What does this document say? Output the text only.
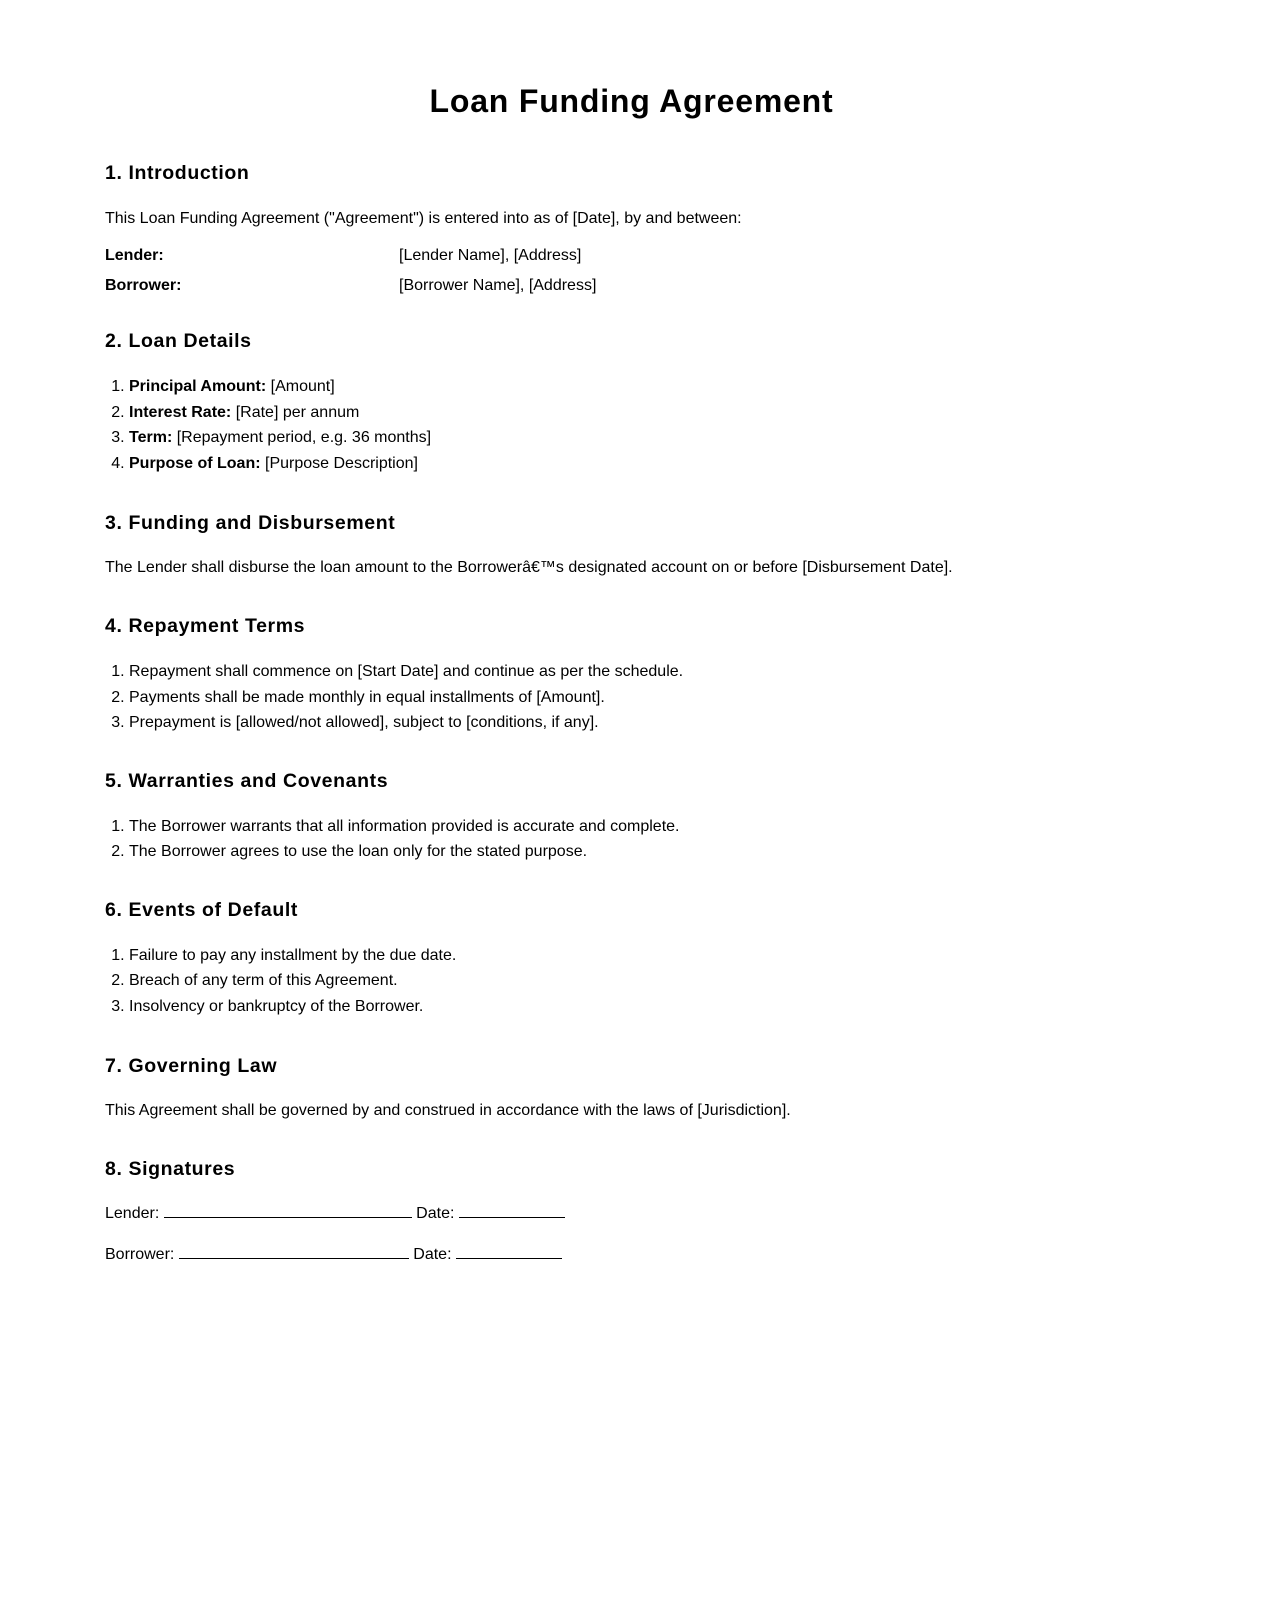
Loan Funding Agreement
1. Introduction

This Loan Funding Agreement ("Agreement") is entered into as of [Date], by and between:

Lender:	[Lender Name], [Address]
Borrower:	[Borrower Name], [Address]
2. Loan Details
1. Principal Amount: [Amount]
2. Interest Rate: [Rate] per annum
3. Term: [Repayment period, e.g. 36 months]
4. Purpose of Loan: [Purpose Description]
3. Funding and Disbursement

The Lender shall disburse the loan amount to the Borrowerâ€™s designated account on or before [Disbursement Date].

4. Repayment Terms
1. Repayment shall commence on [Start Date] and continue as per the schedule.
2. Payments shall be made monthly in equal installments of [Amount].
3. Prepayment is [allowed/not allowed], subject to [conditions, if any].
5. Warranties and Covenants
1. The Borrower warrants that all information provided is accurate and complete.
2. The Borrower agrees to use the loan only for the stated purpose.
6. Events of Default
1. Failure to pay any installment by the due date.
2. Breach of any term of this Agreement.
3. Insolvency or bankruptcy of the Borrower.
7. Governing Law

This Agreement shall be governed by and construed in accordance with the laws of [Jurisdiction].

8. Signatures
Lender:	Date:
Borrower:	Date:
